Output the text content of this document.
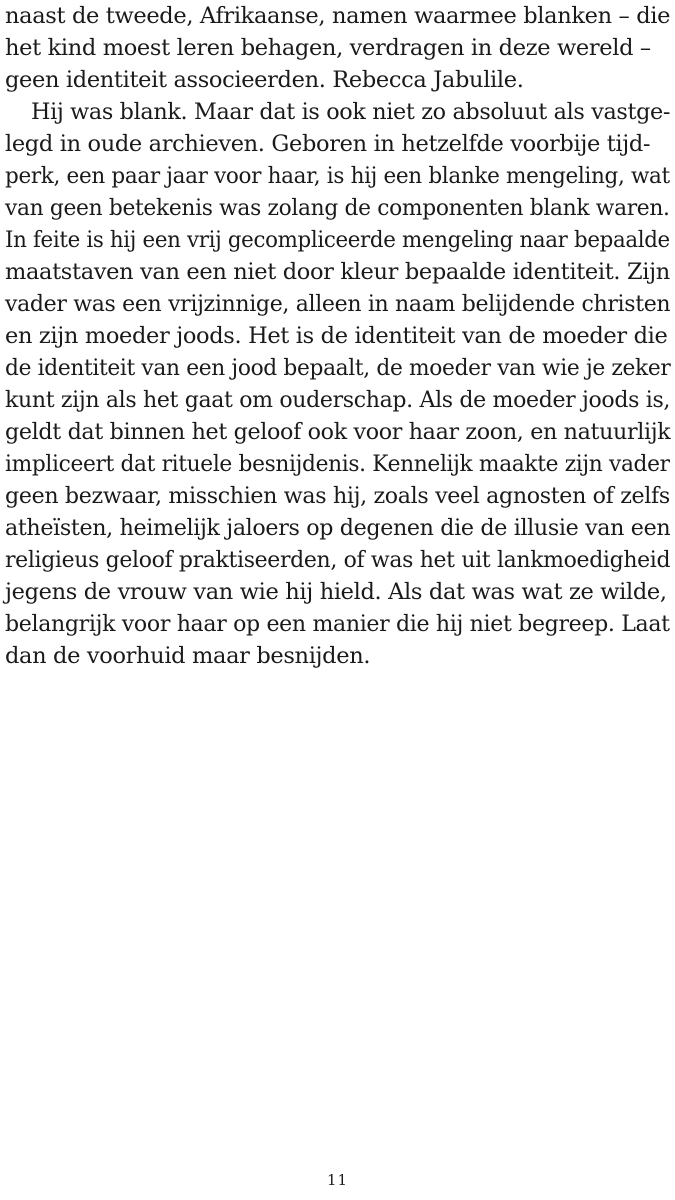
naast de tweede, Afrikaanse, namen waarmee blanken – die
het kind moest leren behagen, verdragen in deze wereld –
geen identiteit associeerden. Rebecca Jabulile.
Hij was blank. Maar dat is ook niet zo absoluut als vastge-
legd in oude archieven. Geboren in hetzelfde voorbije tijd-
perk, een paar jaar voor haar, is hij een blanke mengeling, wat
van geen betekenis was zolang de componenten blank waren.
In feite is hij een vrij gecompliceerde mengeling naar bepaalde
maatstaven van een niet door kleur bepaalde identiteit. Zijn
vader was een vrijzinnige, alleen in naam belijdende christen
en zijn moeder joods. Het is de identiteit van de moeder die
de identiteit van een jood bepaalt, de moeder van wie je zeker
kunt zijn als het gaat om ouderschap. Als de moeder joods is,
geldt dat binnen het geloof ook voor haar zoon, en natuurlijk
impliceert dat rituele besnijdenis. Kennelijk maakte zijn vader
geen bezwaar, misschien was hij, zoals veel agnosten of zelfs
atheïsten, heimelijk jaloers op degenen die de illusie van een
religieus geloof praktiseerden, of was het uit lankmoedigheid
jegens de vrouw van wie hij hield. Als dat was wat ze wilde,
belangrijk voor haar op een manier die hij niet begreep. Laat
dan de voorhuid maar besnijden.
11
